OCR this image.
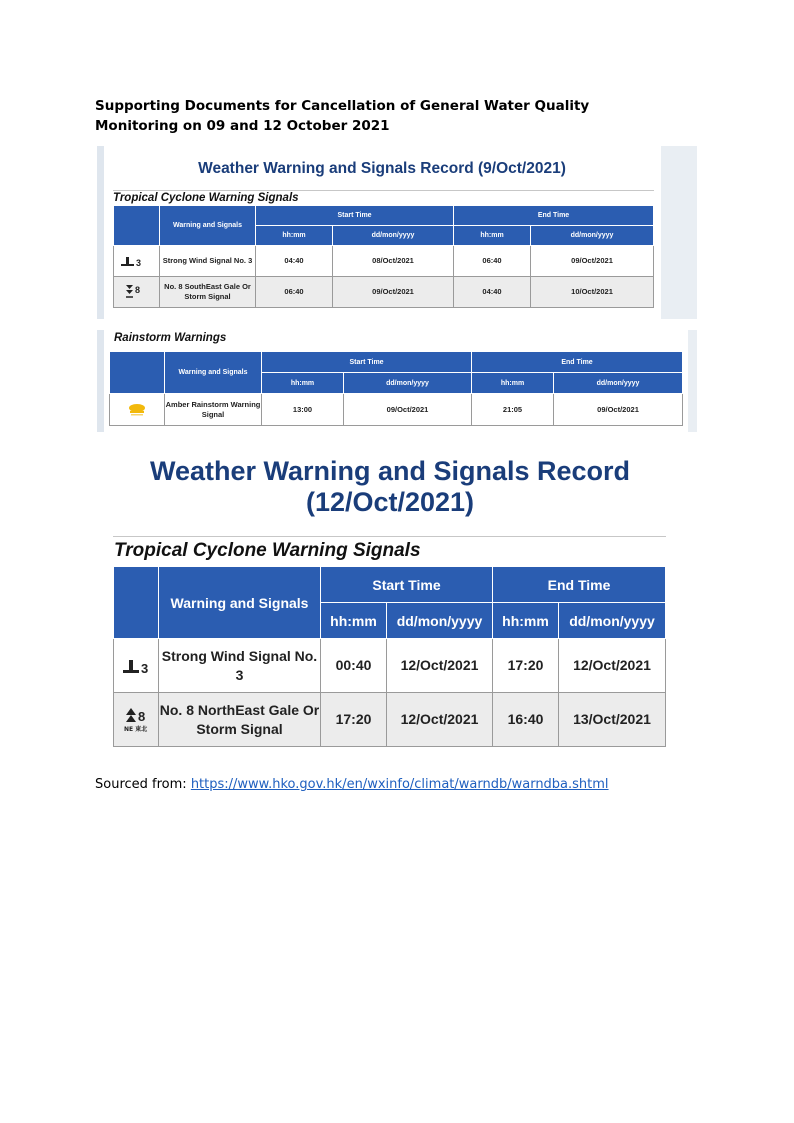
Supporting Documents for Cancellation of General Water Quality Monitoring on 09 and 12 October 2021
Weather Warning and Signals Record (9/Oct/2021)
Tropical Cyclone Warning Signals
	Warning and Signals	Start Time		End Time	
		hh:mm	dd/mon/yyyy	hh:mm	dd/mon/yyyy

3	Strong Wind Signal No. 3	04:40	08/Oct/2021	06:40	09/Oct/2021

8	No. 8 SouthEast Gale Or Storm Signal	06:40	09/Oct/2021	04:40	10/Oct/2021
Rainstorm Warnings
	Warning and Signals	Start Time		End Time	
		hh:mm	dd/mon/yyyy	hh:mm	dd/mon/yyyy

	Amber Rainstorm Warning Signal	13:00	09/Oct/2021	21:05	09/Oct/2021
Weather Warning and Signals Record (12/Oct/2021)
Tropical Cyclone Warning Signals
	Warning and Signals	Start Time		End Time	
		hh:mm	dd/mon/yyyy	hh:mm	dd/mon/yyyy

3	Strong Wind Signal No. 3	00:40	12/Oct/2021	17:20	12/Oct/2021

8
NE 東北	No. 8 NorthEast Gale Or Storm Signal	17:20	12/Oct/2021	16:40	13/Oct/2021
Sourced from: https://www.hko.gov.hk/en/wxinfo/climat/warndb/warndba.shtml
